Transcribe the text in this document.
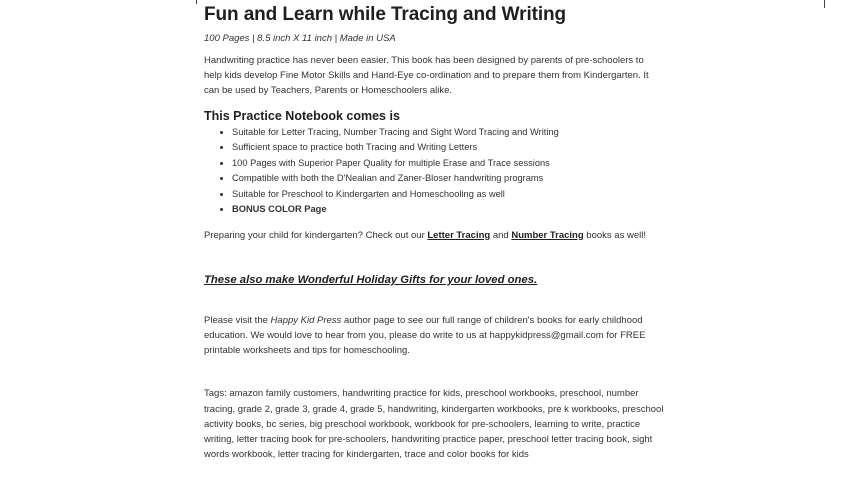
Fun and Learn while Tracing and Writing

100 Pages | 8.5 inch X 11 inch | Made in USA

Handwriting practice has never been easier. This book has been designed by parents of pre-schoolers to help kids develop Fine Motor Skills and Hand-Eye co-ordination and to prepare them from Kindergarten. It can be used by Teachers, Parents or Homeschoolers alike.

This Practice Notebook comes is
• Suitable for Letter Tracing, Number Tracing and Sight Word Tracing and Writing
• Sufficient space to practice both Tracing and Writing Letters
• 100 Pages with Superior Paper Quality for multiple Erase and Trace sessions
• Compatible with both the D'Nealian and Zaner-Bloser handwriting programs
• Suitable for Preschool to Kindergarten and Homeschooling as well
• BONUS COLOR Page

Preparing your child for kindergarten? Check out our Letter Tracing and Number Tracing books as well!

These also make Wonderful Holiday Gifts for your loved ones.

Please visit the Happy Kid Press author page to see our full range of children's books for early childhood education. We would love to hear from you, please do write to us at happykidpress@gmail.com for FREE printable worksheets and tips for homeschooling.

Tags: amazon family customers, handwriting practice for kids, preschool workbooks, preschool, number tracing, grade 2, grade 3, grade 4, grade 5, handwriting, kindergarten workbooks, pre k workbooks, preschool activity books, bc series, big preschool workbook, workbook for pre-schoolers, learning to write, practice writing, letter tracing book for pre-schoolers, handwriting practice paper, preschool letter tracing book, sight words workbook, letter tracing for kindergarten, trace and color books for kids
